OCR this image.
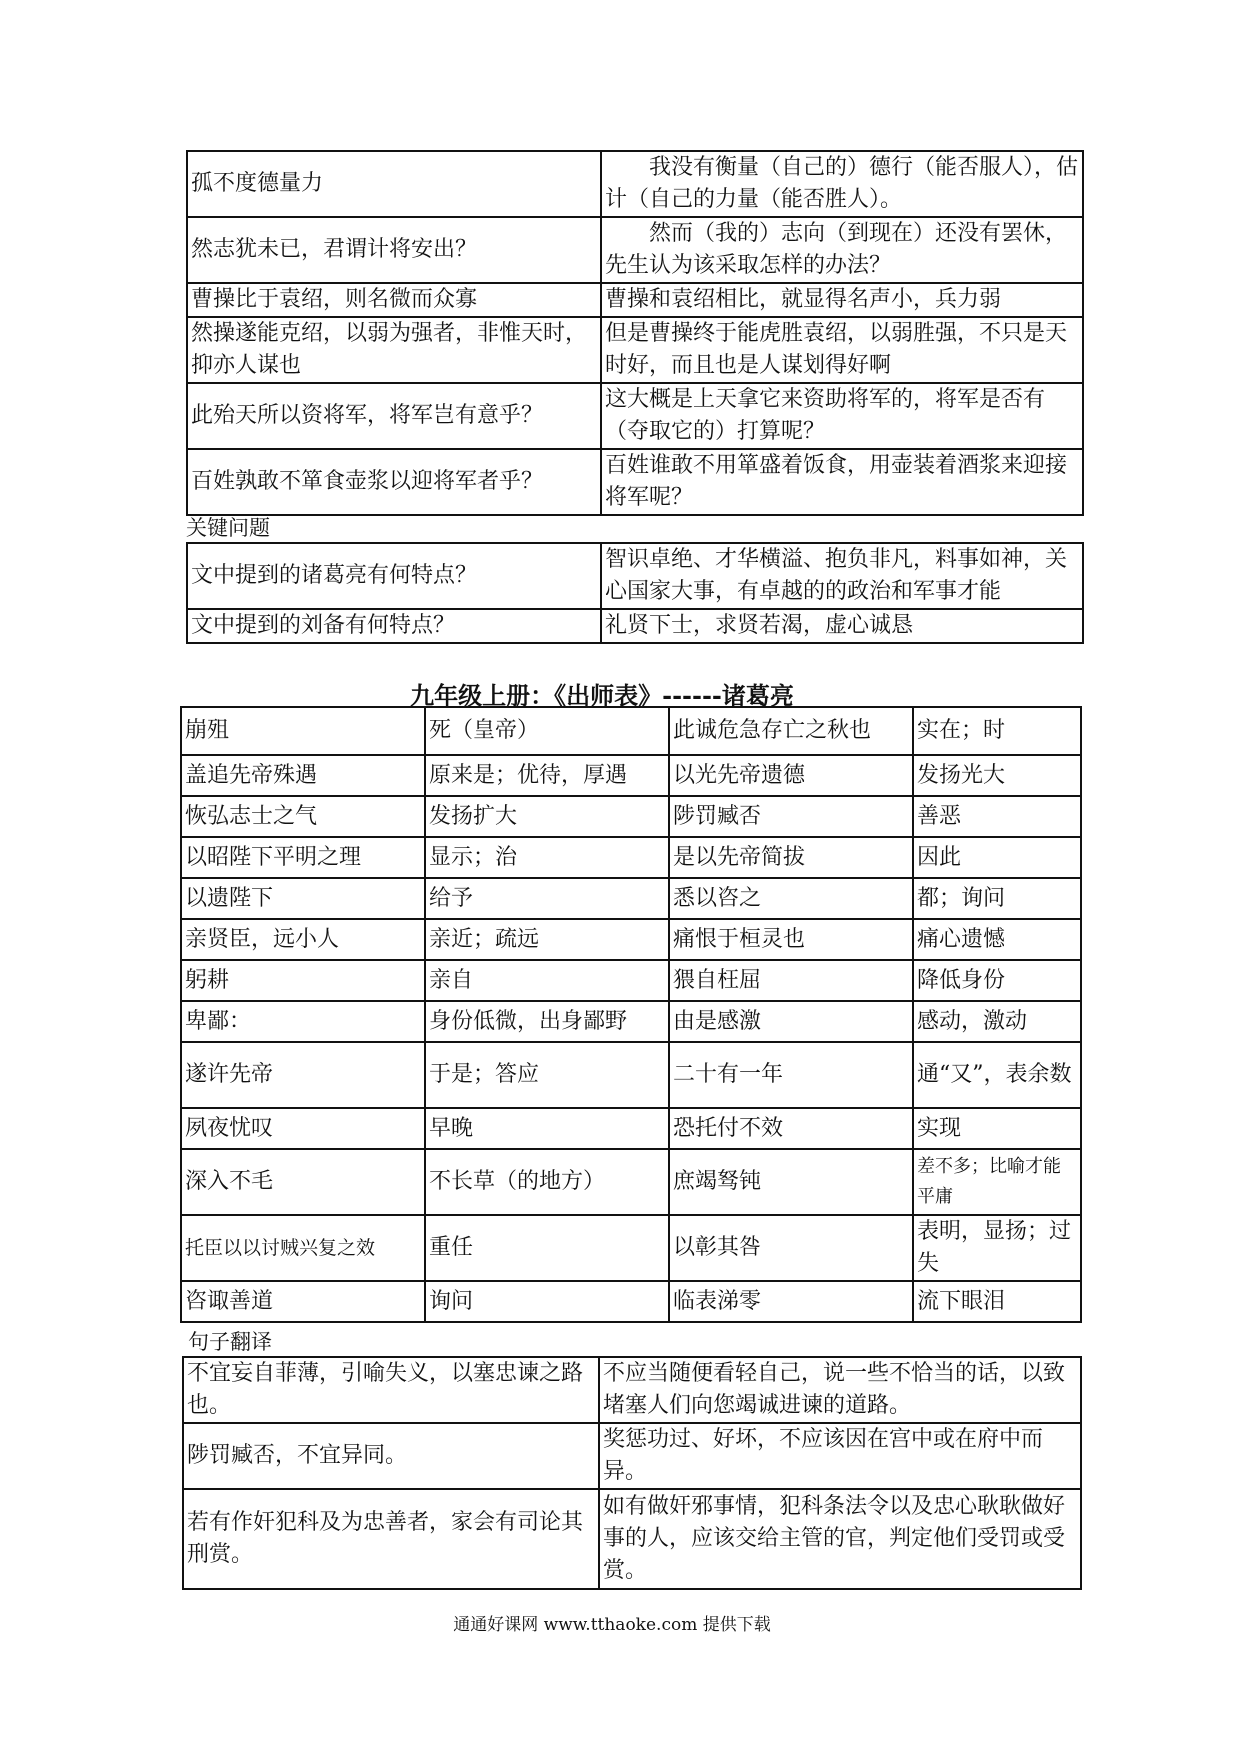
孤不度德量力	我没有衡量（自己的）德行（能否服人），估计（自己的力量（能否胜人）。
然志犹未已，君谓计将安出？	然而（我的）志向（到现在）还没有罢休，先生认为该采取怎样的办法？
曹操比于袁绍，则名微而众寡	曹操和袁绍相比，就显得名声小，兵力弱
然操遂能克绍，以弱为强者，非惟天时，抑亦人谋也	但是曹操终于能虎胜袁绍，以弱胜强，不只是天时好，而且也是人谋划得好啊
此殆天所以资将军，将军岂有意乎？	这大概是上天拿它来资助将军的，将军是否有（夺取它的）打算呢？
百姓孰敢不箪食壶浆以迎将军者乎？	百姓谁敢不用箪盛着饭食，用壶装着酒浆来迎接将军呢？
关键问题
文中提到的诸葛亮有何特点？	智识卓绝、才华横溢、抱负非凡，料事如神，关心国家大事，有卓越的的政治和军事才能
文中提到的刘备有何特点？	礼贤下士，求贤若渴，虚心诚恳
九年级上册：《出师表》------诸葛亮
崩殂	死（皇帝）	此诚危急存亡之秋也	实在；时
盖追先帝殊遇	原来是；优待，厚遇	以光先帝遗德	发扬光大
恢弘志士之气	发扬扩大	陟罚臧否	善恶
以昭陛下平明之理	显示；治	是以先帝简拔	因此
以遗陛下	给予	悉以咨之	都；询问
亲贤臣，远小人	亲近；疏远	痛恨于桓灵也	痛心遗憾
躬耕	亲自	猥自枉屈	降低身份
卑鄙：	身份低微，出身鄙野	由是感激	感动，激动
遂许先帝	于是；答应	二十有一年	通“又”，表余数
夙夜忧叹	早晚	恐托付不效	实现
深入不毛	不长草（的地方）	庶竭驽钝	差不多；比喻才能平庸
托臣以以讨贼兴复之效	重任	以彰其咎	表明，显扬；过失
咨诹善道	询问	临表涕零	流下眼泪
句子翻译
不宜妄自菲薄，引喻失义，以塞忠谏之路也。	不应当随便看轻自己，说一些不恰当的话，以致堵塞人们向您竭诚进谏的道路。
陟罚臧否，不宜异同。	奖惩功过、好坏，不应该因在宫中或在府中而异。
若有作奸犯科及为忠善者，家会有司论其刑赏。	如有做奸邪事情，犯科条法令以及忠心耿耿做好事的人，应该交给主管的官，判定他们受罚或受赏。
通通好课网 www.tthaoke.com 提供下载
